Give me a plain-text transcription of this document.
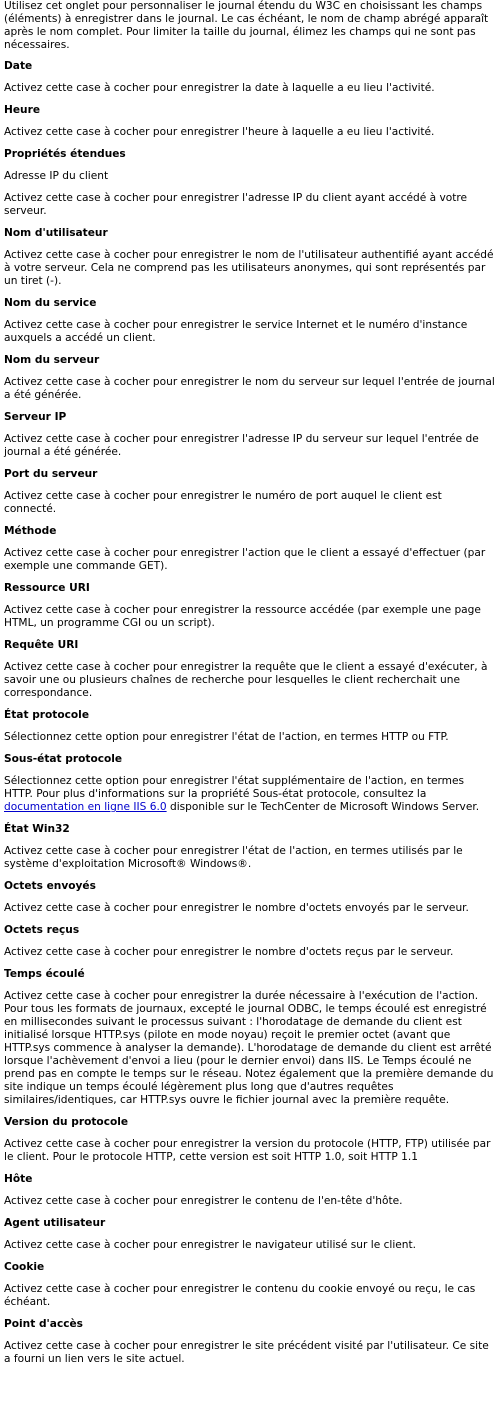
Utilisez cet onglet pour personnaliser le journal étendu du W3C en choisissant les champs (éléments) à enregistrer dans le journal. Le cas échéant, le nom de champ abrégé apparaît après le nom complet. Pour limiter la taille du journal, élimez les champs qui ne sont pas nécessaires.

Date

Activez cette case à cocher pour enregistrer la date à laquelle a eu lieu l'activité.

Heure

Activez cette case à cocher pour enregistrer l'heure à laquelle a eu lieu l'activité.

Propriétés étendues

Adresse IP du client

Activez cette case à cocher pour enregistrer l'adresse IP du client ayant accédé à votre serveur.

Nom d'utilisateur

Activez cette case à cocher pour enregistrer le nom de l'utilisateur authentifié ayant accédé à votre serveur. Cela ne comprend pas les utilisateurs anonymes, qui sont représentés par un tiret (-).

Nom du service

Activez cette case à cocher pour enregistrer le service Internet et le numéro d'instance auxquels a accédé un client.

Nom du serveur

Activez cette case à cocher pour enregistrer le nom du serveur sur lequel l'entrée de journal a été générée.

Serveur IP

Activez cette case à cocher pour enregistrer l'adresse IP du serveur sur lequel l'entrée de journal a été générée.

Port du serveur

Activez cette case à cocher pour enregistrer le numéro de port auquel le client est connecté.

Méthode

Activez cette case à cocher pour enregistrer l'action que le client a essayé d'effectuer (par exemple une commande GET).

Ressource URI

Activez cette case à cocher pour enregistrer la ressource accédée (par exemple une page HTML, un programme CGI ou un script).

Requête URI

Activez cette case à cocher pour enregistrer la requête que le client a essayé d'exécuter, à savoir une ou plusieurs chaînes de recherche pour lesquelles le client recherchait une correspondance.

État protocole

Sélectionnez cette option pour enregistrer l'état de l'action, en termes HTTP ou FTP.

Sous-état protocole

Sélectionnez cette option pour enregistrer l'état supplémentaire de l'action, en termes HTTP. Pour plus d'informations sur la propriété Sous-état protocole, consultez la documentation en ligne IIS 6.0 disponible sur le TechCenter de Microsoft Windows Server.

État Win32

Activez cette case à cocher pour enregistrer l'état de l'action, en termes utilisés par le système d'exploitation Microsoft® Windows®.

Octets envoyés

Activez cette case à cocher pour enregistrer le nombre d'octets envoyés par le serveur.

Octets reçus

Activez cette case à cocher pour enregistrer le nombre d'octets reçus par le serveur.

Temps écoulé

Activez cette case à cocher pour enregistrer la durée nécessaire à l'exécution de l'action. Pour tous les formats de journaux, excepté le journal ODBC, le temps écoulé est enregistré en millisecondes suivant le processus suivant : l'horodatage de demande du client est initialisé lorsque HTTP.sys (pilote en mode noyau) reçoit le premier octet (avant que HTTP.sys commence à analyser la demande). L'horodatage de demande du client est arrêté lorsque l'achèvement d'envoi a lieu (pour le dernier envoi) dans IIS. Le Temps écoulé ne prend pas en compte le temps sur le réseau. Notez également que la première demande du site indique un temps écoulé légèrement plus long que d'autres requêtes similaires/identiques, car HTTP.sys ouvre le fichier journal avec la première requête.

Version du protocole

Activez cette case à cocher pour enregistrer la version du protocole (HTTP, FTP) utilisée par le client. Pour le protocole HTTP, cette version est soit HTTP 1.0, soit HTTP 1.1

Hôte

Activez cette case à cocher pour enregistrer le contenu de l'en-tête d'hôte.

Agent utilisateur

Activez cette case à cocher pour enregistrer le navigateur utilisé sur le client.

Cookie

Activez cette case à cocher pour enregistrer le contenu du cookie envoyé ou reçu, le cas échéant.

Point d'accès

Activez cette case à cocher pour enregistrer le site précédent visité par l'utilisateur. Ce site a fourni un lien vers le site actuel.
